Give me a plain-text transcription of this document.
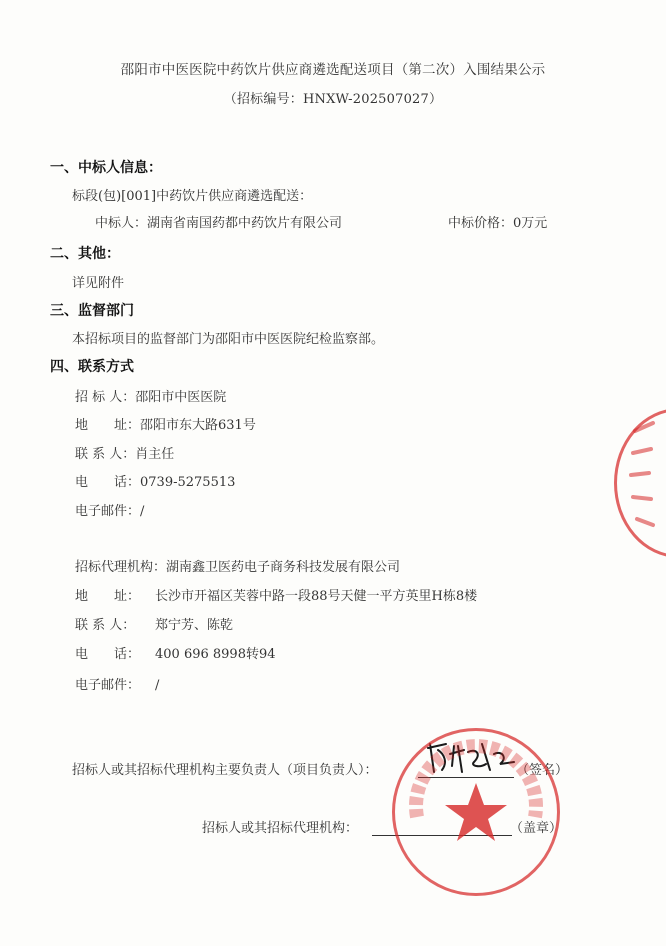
邵阳市中医医院中药饮片供应商遴选配送项目（第二次）入围结果公示
（招标编号：HNXW-202507027）
一、中标人信息：
标段(包)[001]中药饮片供应商遴选配送：
中标人：湖南省南国药都中药饮片有限公司	中标价格：0万元
二、其他：
详见附件
三、监督部门
本招标项目的监督部门为邵阳市中医医院纪检监察部。
四、联系方式
招 标 人：邵阳市中医医院
地　　址：邵阳市东大路631号
联 系 人：肖主任
电　　话：0739-5275513
电子邮件：/
招标代理机构：湖南鑫卫医药电子商务科技发展有限公司
地　　址： 长沙市开福区芙蓉中路一段88号天健一平方英里H栋8楼
联 系 人： 郑宁芳、陈乾
电　　话： 400 696 8998转94
电子邮件： /
招标人或其招标代理机构主要负责人（项目负责人）：	（签名）
招标人或其招标代理机构：	（盖章）
